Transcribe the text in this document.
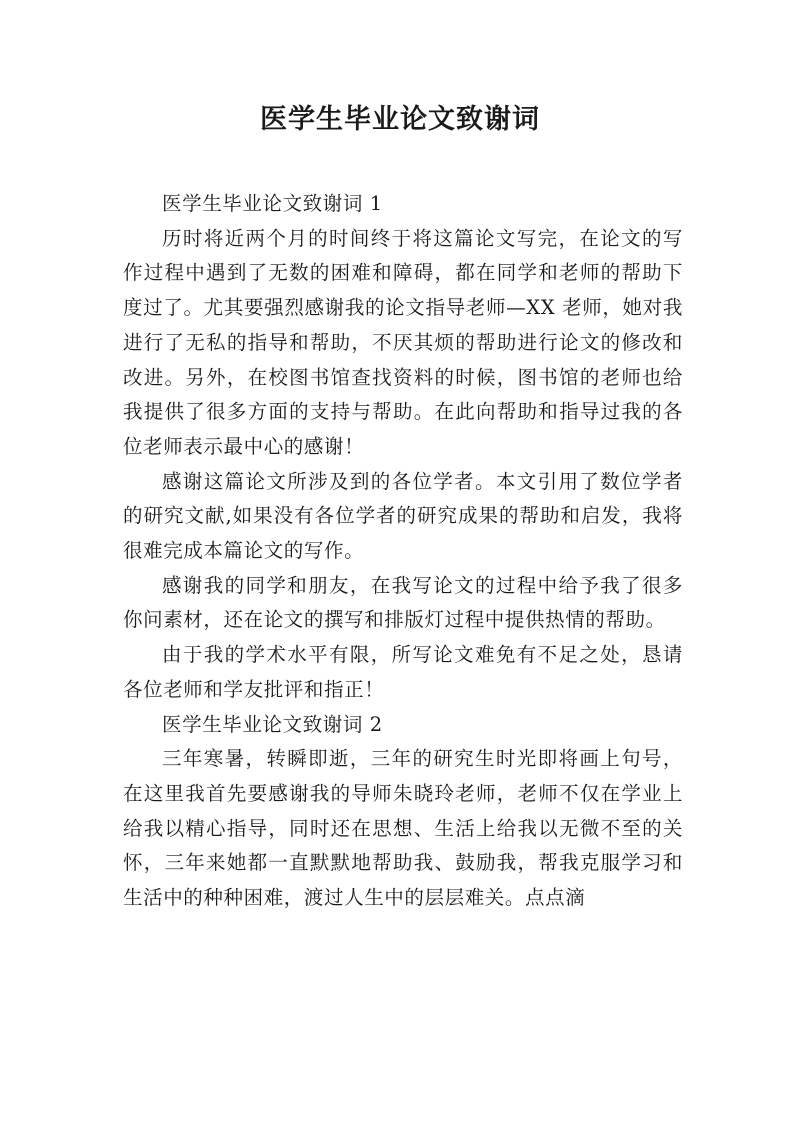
医学生毕业论文致谢词

医学生毕业论文致谢词 1

历时将近两个月的时间终于将这篇论文写完，在论文的写作过程中遇到了无数的困难和障碍，都在同学和老师的帮助下度过了。尤其要强烈感谢我的论文指导老师—XX 老师，她对我进行了无私的指导和帮助，不厌其烦的帮助进行论文的修改和改进。另外，在校图书馆查找资料的时候，图书馆的老师也给我提供了很多方面的支持与帮助。在此向帮助和指导过我的各位老师表示最中心的感谢！

感谢这篇论文所涉及到的各位学者。本文引用了数位学者的研究文献,如果没有各位学者的研究成果的帮助和启发，我将很难完成本篇论文的写作。

感谢我的同学和朋友，在我写论文的过程中给予我了很多你问素材，还在论文的撰写和排版灯过程中提供热情的帮助。

由于我的学术水平有限，所写论文难免有不足之处，恳请各位老师和学友批评和指正！

医学生毕业论文致谢词 2

三年寒暑，转瞬即逝，三年的研究生时光即将画上句号，在这里我首先要感谢我的导师朱晓玲老师，老师不仅在学业上给我以精心指导，同时还在思想、生活上给我以无微不至的关怀，三年来她都一直默默地帮助我、鼓励我，帮我克服学习和生活中的种种困难，渡过人生中的层层难关。点点滴
